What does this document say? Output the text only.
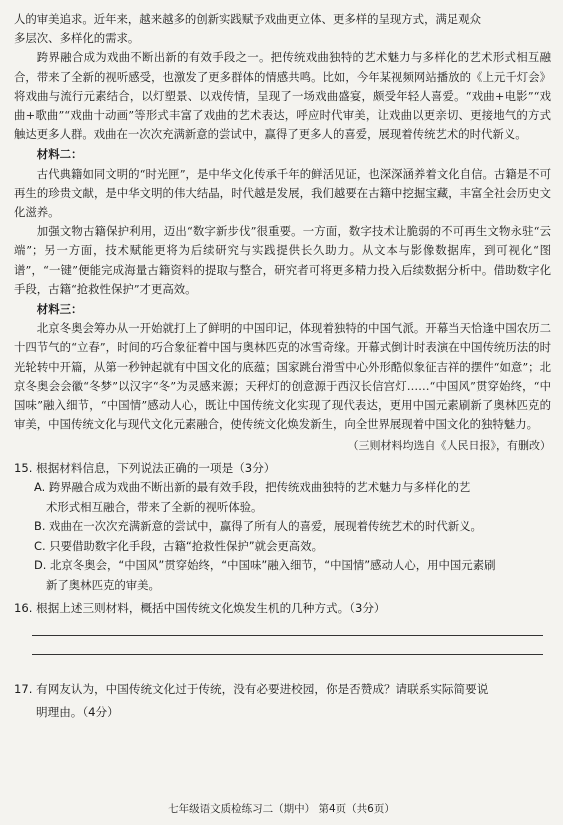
人的审美追求。近年来，越来越多的创新实践赋予戏曲更立体、更多样的呈现方式，满足观众

多层次、多样化的需求。

跨界融合成为戏曲不断出新的有效手段之一。把传统戏曲独特的艺术魅力与多样化的艺术形式相互融合，带来了全新的视听感受，也激发了更多群体的情感共鸣。比如，今年某视频网站播放的《上元千灯会》将戏曲与流行元素结合，以灯塑景、以戏传情，呈现了一场戏曲盛宴，颇受年轻人喜爱。“戏曲+电影”“戏曲+歌曲”“戏曲十动画”等形式丰富了戏曲的艺术表达，呼应时代审美，让戏曲以更亲切、更接地气的方式触达更多人群。戏曲在一次次充满新意的尝试中，赢得了更多人的喜爱，展现着传统艺术的时代新义。

材料二：

古代典籍如同文明的“时光匣”，是中华文化传承千年的鲜活见证，也深深涵养着文化自信。古籍是不可再生的珍贵文献，是中华文明的伟大结晶，时代越是发展，我们越要在古籍中挖掘宝藏，丰富全社会历史文化滋养。

加强文物古籍保护利用，迈出“数字新步伐”很重要。一方面，数字技术让脆弱的不可再生文物永驻“云端”；另一方面，技术赋能更将为后续研究与实践提供长久助力。从文本与影像数据库，到可视化“图谱”，“一键”便能完成海量古籍资料的提取与整合，研究者可将更多精力投入后续数据分析中。借助数字化手段，古籍“抢救性保护”才更高效。

材料三：

北京冬奥会筹办从一开始就打上了鲜明的中国印记，体现着独特的中国气派。开幕当天恰逢中国农历二十四节气的“立春”，时间的巧合象征着中国与奥林匹克的冰雪奇缘。开幕式倒计时表演在中国传统历法的时光轮转中开篇，从第一秒钟起就有中国文化的底蕴；国家跳台滑雪中心外形酷似象征吉祥的摆件“如意”；北京冬奥会会徽“冬梦”以汉字“冬”为灵感来源；天秤灯的创意源于西汉长信宫灯……“中国风”贯穿始终，“中国味”融入细节，“中国情”感动人心，既让中国传统文化实现了现代表达，更用中国元素刷新了奥林匹克的审美，中国传统文化与现代文化元素融合，使传统文化焕发新生，向全世界展现着中国文化的独特魅力。

（三则材料均选自《人民日报》，有删改）

15. 根据材料信息，下列说法正确的一项是（3分）
A. 跨界融合成为戏曲不断出新的最有效手段，把传统戏曲独特的艺术魅力与多样化的艺
术形式相互融合，带来了全新的视听体验。
B. 戏曲在一次次充满新意的尝试中，赢得了所有人的喜爱，展现着传统艺术的时代新义。
C. 只要借助数字化手段，古籍“抢救性保护”就会更高效。
D. 北京冬奥会，“中国风”贯穿始终，“中国味”融入细节，“中国情”感动人心，用中国元素刷
新了奥林匹克的审美。
16. 根据上述三则材料，概括中国传统文化焕发生机的几种方式。（3分）
17. 有网友认为，中国传统文化过于传统，没有必要进校园，你是否赞成？请联系实际简要说
明理由。（4分）
七年级语文质检练习二（期中） 第4页（共6页）
